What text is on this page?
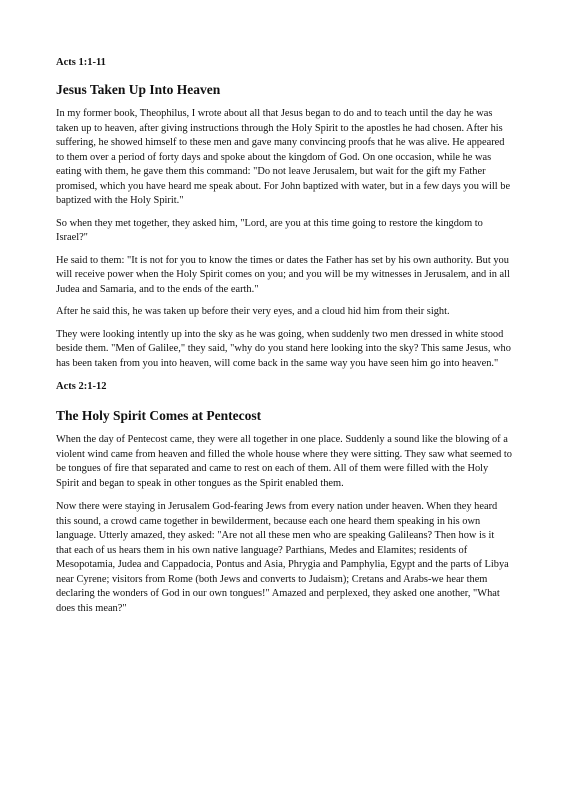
Acts 1:1-11
Jesus Taken Up Into Heaven

In my former book, Theophilus, I wrote about all that Jesus began to do and to teach until the day he was taken up to heaven, after giving instructions through the Holy Spirit to the apostles he had chosen. After his suffering, he showed himself to these men and gave many convincing proofs that he was alive. He appeared to them over a period of forty days and spoke about the kingdom of God. On one occasion, while he was eating with them, he gave them this command: "Do not leave Jerusalem, but wait for the gift my Father promised, which you have heard me speak about. For John baptized with water, but in a few days you will be baptized with the Holy Spirit."

So when they met together, they asked him, "Lord, are you at this time going to restore the kingdom to Israel?"

He said to them: "It is not for you to know the times or dates the Father has set by his own authority. But you will receive power when the Holy Spirit comes on you; and you will be my witnesses in Jerusalem, and in all Judea and Samaria, and to the ends of the earth."

After he said this, he was taken up before their very eyes, and a cloud hid him from their sight.

They were looking intently up into the sky as he was going, when suddenly two men dressed in white stood beside them. "Men of Galilee," they said, "why do you stand here looking into the sky? This same Jesus, who has been taken from you into heaven, will come back in the same way you have seen him go into heaven."

Acts 2:1-12
The Holy Spirit Comes at Pentecost

When the day of Pentecost came, they were all together in one place. Suddenly a sound like the blowing of a violent wind came from heaven and filled the whole house where they were sitting. They saw what seemed to be tongues of fire that separated and came to rest on each of them. All of them were filled with the Holy Spirit and began to speak in other tongues as the Spirit enabled them.

Now there were staying in Jerusalem God-fearing Jews from every nation under heaven. When they heard this sound, a crowd came together in bewilderment, because each one heard them speaking in his own language. Utterly amazed, they asked: "Are not all these men who are speaking Galileans? Then how is it that each of us hears them in his own native language? Parthians, Medes and Elamites; residents of Mesopotamia, Judea and Cappadocia, Pontus and Asia, Phrygia and Pamphylia, Egypt and the parts of Libya near Cyrene; visitors from Rome (both Jews and converts to Judaism); Cretans and Arabs-we hear them declaring the wonders of God in our own tongues!" Amazed and perplexed, they asked one another, "What does this mean?"
